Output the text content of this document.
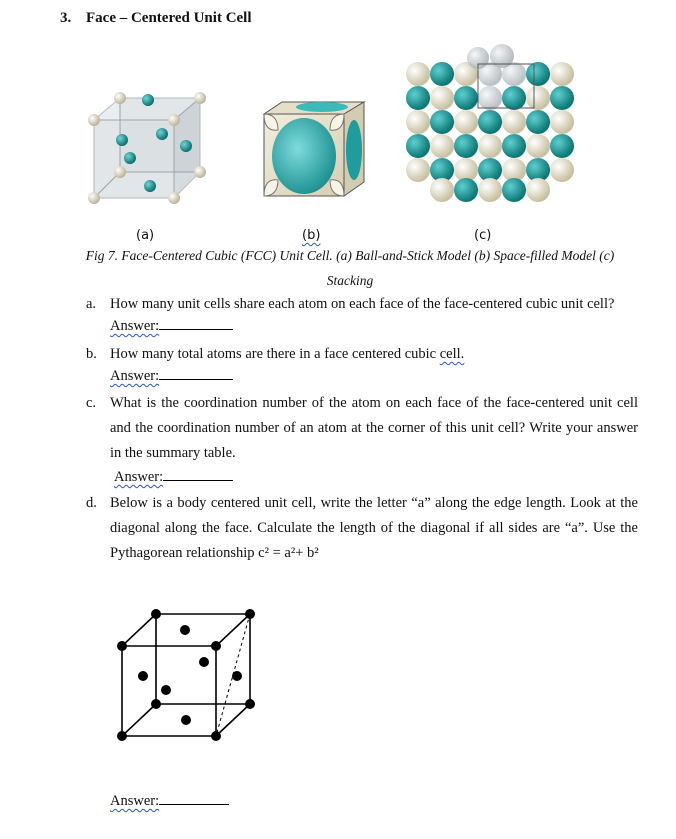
3. Face – Centered Unit Cell
(a)	(b)	(c)
Fig 7. Face-Centered Cubic (FCC) Unit Cell. (a) Ball-and-Stick Model (b) Space-filled Model (c)
Stacking
a. How many unit cells share each atom on each face of the face-centered cubic unit cell?
Answer:
b. How many total atoms are there in a face centered cubic cell.
Answer:
c. What is the coordination number of the atom on each face of the face-centered unit cell and the coordination number of an atom at the corner of this unit cell? Write your answer in the summary table.
Answer:
d. Below is a body centered unit cell, write the letter “a” along the edge length. Look at the diagonal along the face. Calculate the length of the diagonal if all sides are “a”. Use the Pythagorean relationship c² = a²+ b²
Answer:
